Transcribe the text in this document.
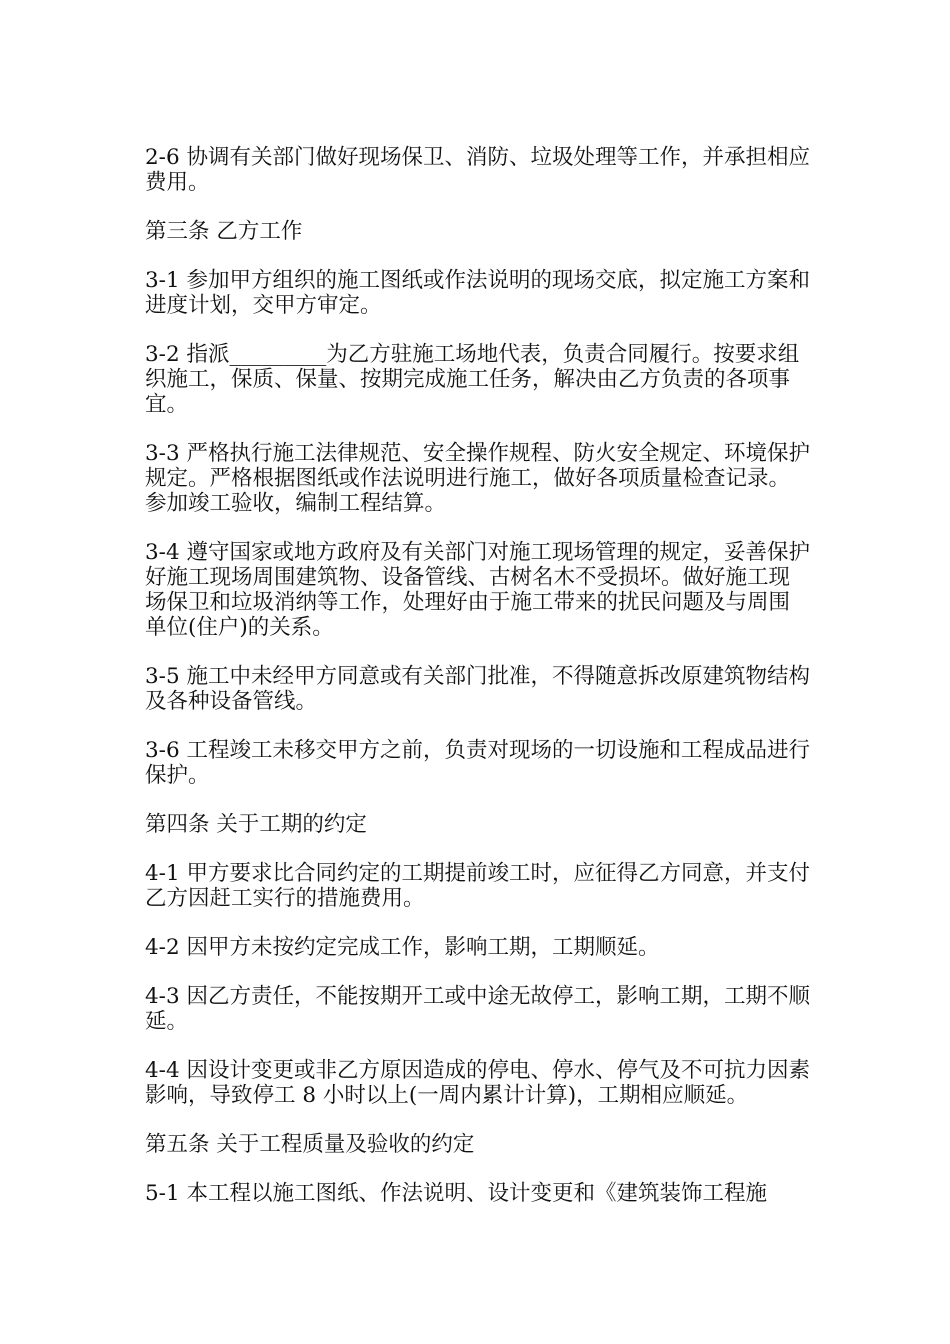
2-6 协调有关部门做好现场保卫、消防、垃圾处理等工作，并承担相应费用。

第三条 乙方工作

3-1 参加甲方组织的施工图纸或作法说明的现场交底，拟定施工方案和进度计划，交甲方审定。

3-2 指派_________为乙方驻施工场地代表，负责合同履行。按要求组织施工，保质、保量、按期完成施工任务，解决由乙方负责的各项事宜。

3-3 严格执行施工法律规范、安全操作规程、防火安全规定、环境保护规定。严格根据图纸或作法说明进行施工，做好各项质量检查记录。参加竣工验收，编制工程结算。

3-4 遵守国家或地方政府及有关部门对施工现场管理的规定，妥善保护好施工现场周围建筑物、设备管线、古树名木不受损坏。做好施工现场保卫和垃圾消纳等工作，处理好由于施工带来的扰民问题及与周围单位(住户)的关系。

3-5 施工中未经甲方同意或有关部门批准，不得随意拆改原建筑物结构及各种设备管线。

3-6 工程竣工未移交甲方之前，负责对现场的一切设施和工程成品进行保护。

第四条 关于工期的约定

4-1 甲方要求比合同约定的工期提前竣工时，应征得乙方同意，并支付乙方因赶工实行的措施费用。

4-2 因甲方未按约定完成工作，影响工期，工期顺延。

4-3 因乙方责任，不能按期开工或中途无故停工，影响工期，工期不顺延。

4-4 因设计变更或非乙方原因造成的停电、停水、停气及不可抗力因素影响，导致停工 8 小时以上(一周内累计计算)，工期相应顺延。

第五条 关于工程质量及验收的约定

5-1 本工程以施工图纸、作法说明、设计变更和《建筑装饰工程施
